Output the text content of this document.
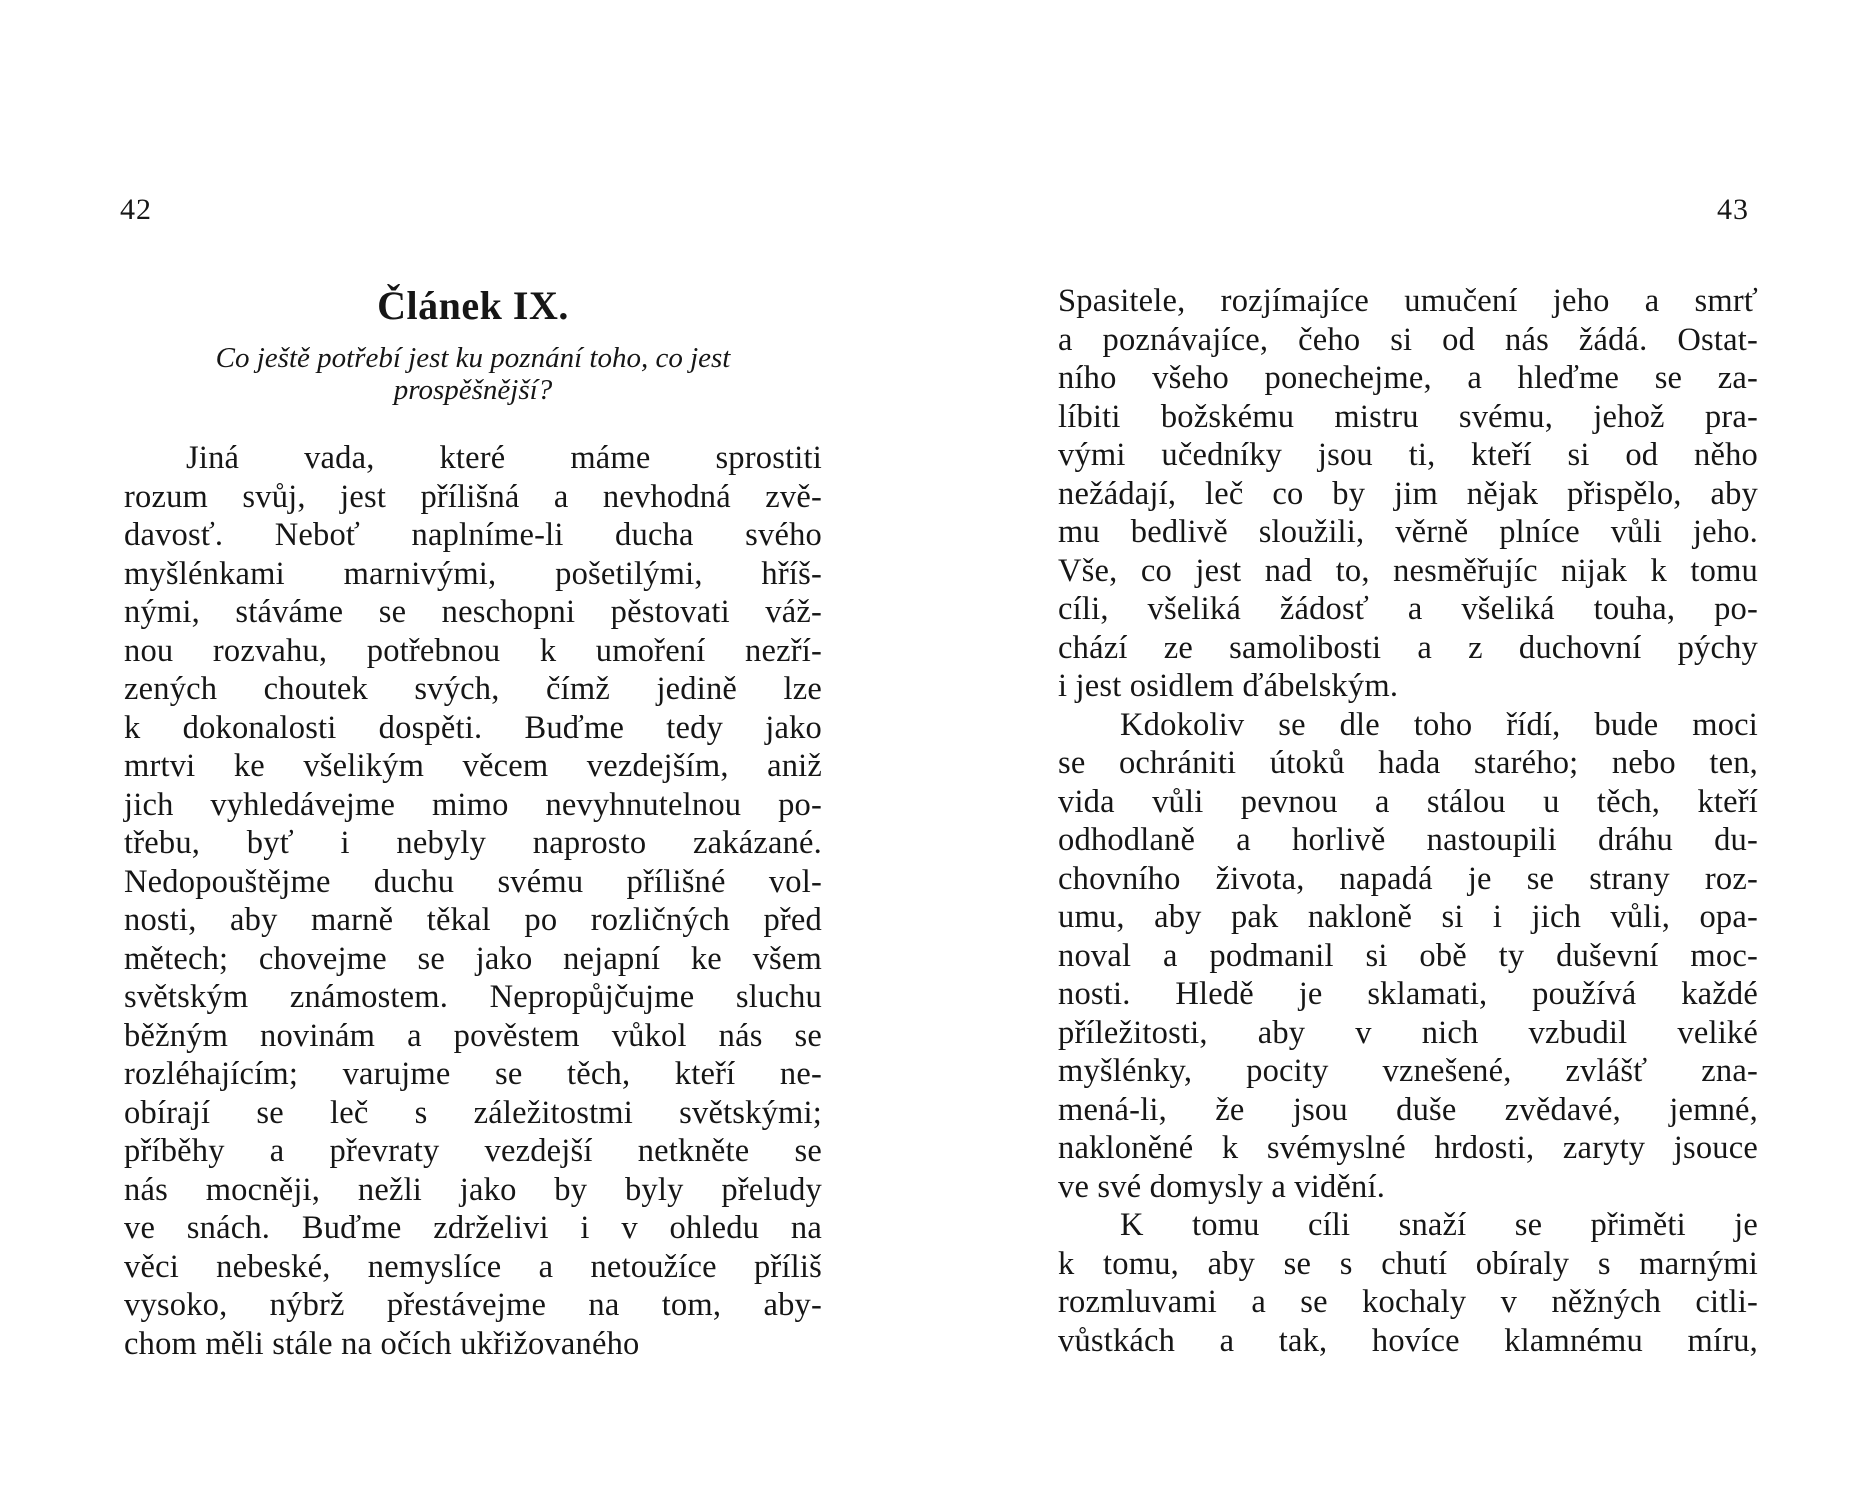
42	43
Článek IX.
Co ještě potřebí jest ku poznání toho, co jest
prospěšnější?
Jiná vada, které máme sprostiti
rozum svůj, jest přílišná a nevhodná zvě-
davosť. Neboť naplníme-li ducha svého
myšlénkami marnivými, pošetilými, hříš-
nými, stáváme se neschopni pěstovati váž-
nou rozvahu, potřebnou k umoření nezří-
zených choutek svých, čímž jedině lze
k dokonalosti dospěti. Buďme tedy jako
mrtvi ke všelikým věcem vezdejším, aniž
jich vyhledávejme mimo nevyhnutelnou po-
třebu, byť i nebyly naprosto zakázané.
Nedopouštějme duchu svému přílišné vol-
nosti, aby marně těkal po rozličných před
mětech; chovejme se jako nejapní ke všem
světským známostem. Nepropůjčujme sluchu
běžným novinám a pověstem vůkol nás se
rozléhajícím; varujme se těch, kteří ne-
obírají se leč s záležitostmi světskými;
příběhy a převraty vezdejší netkněte se
nás mocněji, nežli jako by byly přeludy
ve snách. Buďme zdrželivi i v ohledu na
věci nebeské, nemyslíce a netoužíce příliš
vysoko, nýbrž přestávejme na tom, aby-
chom měli stále na očích ukřižovaného
Spasitele, rozjímajíce umučení jeho a smrť
a poznávajíce, čeho si od nás žádá. Ostat-
ního všeho ponechejme, a hleďme se za-
líbiti božskému mistru svému, jehož pra-
vými učedníky jsou ti, kteří si od něho
nežádají, leč co by jim nějak přispělo, aby
mu bedlivě sloužili, věrně plníce vůli jeho.
Vše, co jest nad to, nesměřujíc nijak k tomu
cíli, všeliká žádosť a všeliká touha, po-
chází ze samolibosti a z duchovní pýchy
i jest osidlem ďábelským.
Kdokoliv se dle toho řídí, bude moci
se ochrániti útoků hada starého; nebo ten,
vida vůli pevnou a stálou u těch, kteří
odhodlaně a horlivě nastoupili dráhu du-
chovního života, napadá je se strany roz-
umu, aby pak nakloně si i jich vůli, opa-
noval a podmanil si obě ty duševní moc-
nosti. Hledě je sklamati, používá každé
příležitosti, aby v nich vzbudil veliké
myšlénky, pocity vznešené, zvlášť zna-
mená-li, že jsou duše zvědavé, jemné,
nakloněné k svémyslné hrdosti, zaryty jsouce
ve své domysly a vidění.
K tomu cíli snaží se přiměti je
k tomu, aby se s chutí obíraly s marnými
rozmluvami a se kochaly v něžných citli-
vůstkách a tak, hovíce klamnému míru,
